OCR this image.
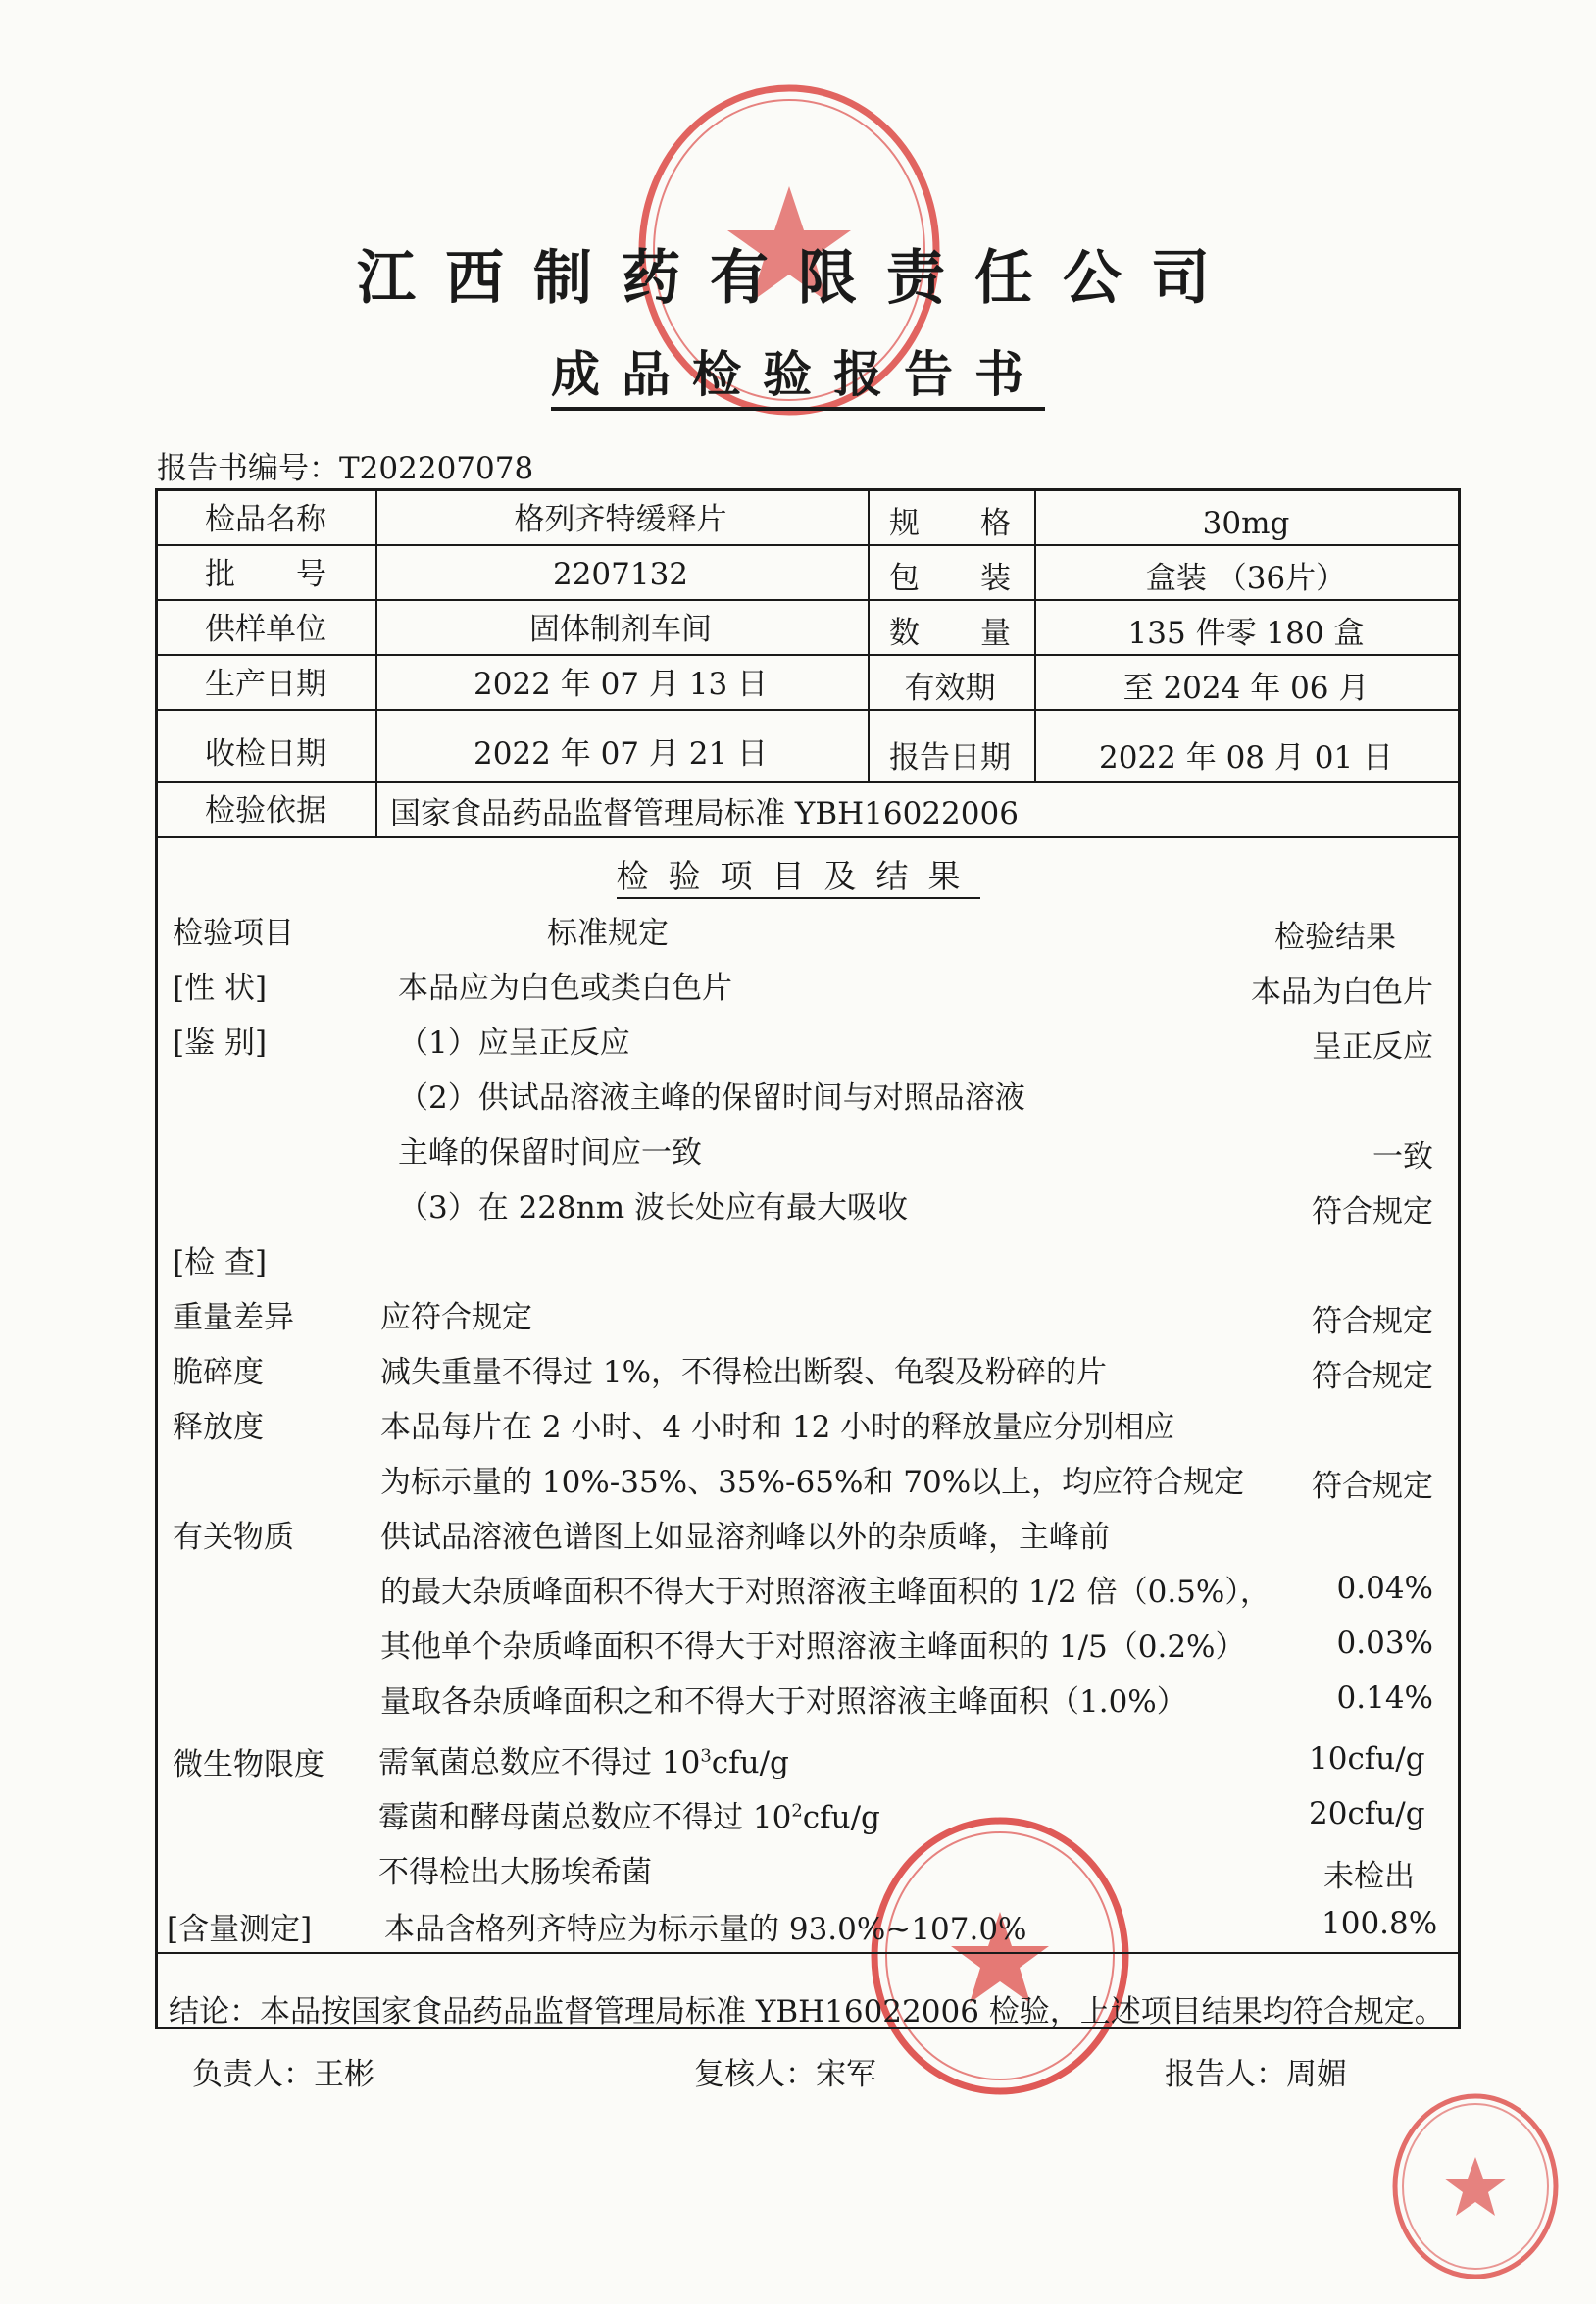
江西制药有限责任公司
成品检验报告书
报告书编号：T202207078
检品名称	格列齐特缓释片	规　　格	30mg
批　　号	2207132	包　　装	盒装 （36片）
供样单位	固体制剂车间	数　　量	135 件零 180 盒
生产日期	2022 年 07 月 13 日	有效期	至 2024 年 06 月
收检日期	2022 年 07 月 21 日	报告日期	2022 年 08 月 01 日
检验依据	国家食品药品监督管理局标准 YBH16022006
检验项目及结果
检验项目	标准规定	检验结果
[性 状]	本品应为白色或类白色片	本品为白色片
[鉴 别]	（1）应呈正反应	呈正反应
（2）供试品溶液主峰的保留时间与对照品溶液
主峰的保留时间应一致	一致
（3）在 228nm 波长处应有最大吸收	符合规定
[检 查]
重量差异	应符合规定	符合规定
脆碎度	减失重量不得过 1%，不得检出断裂、龟裂及粉碎的片	符合规定
释放度	本品每片在 2 小时、4 小时和 12 小时的释放量应分别相应
为标示量的 10%-35%、35%-65%和 70%以上，均应符合规定 符合规定
有关物质	供试品溶液色谱图上如显溶剂峰以外的杂质峰，主峰前
的最大杂质峰面积不得大于对照溶液主峰面积的 1/2 倍（0.5%）， 0.04%
其他单个杂质峰面积不得大于对照溶液主峰面积的 1/5（0.2%）	0.03%
量取各杂质峰面积之和不得大于对照溶液主峰面积（1.0%）	0.14%
微生物限度 需氧菌总数应不得过 $10^3cfu/g$	10cfu/g
霉菌和酵母菌总数应不得过 $10^2cfu/g$	20cfu/g
不得检出大肠埃希菌	未检出
[含量测定] 本品含格列齐特应为标示量的 93.0%~107.0%	100.8%
结论：本品按国家食品药品监督管理局标准 YBH16022006 检验，上述项目结果均符合规定。
负责人：王彬	复核人：宋军	报告人：周媚
